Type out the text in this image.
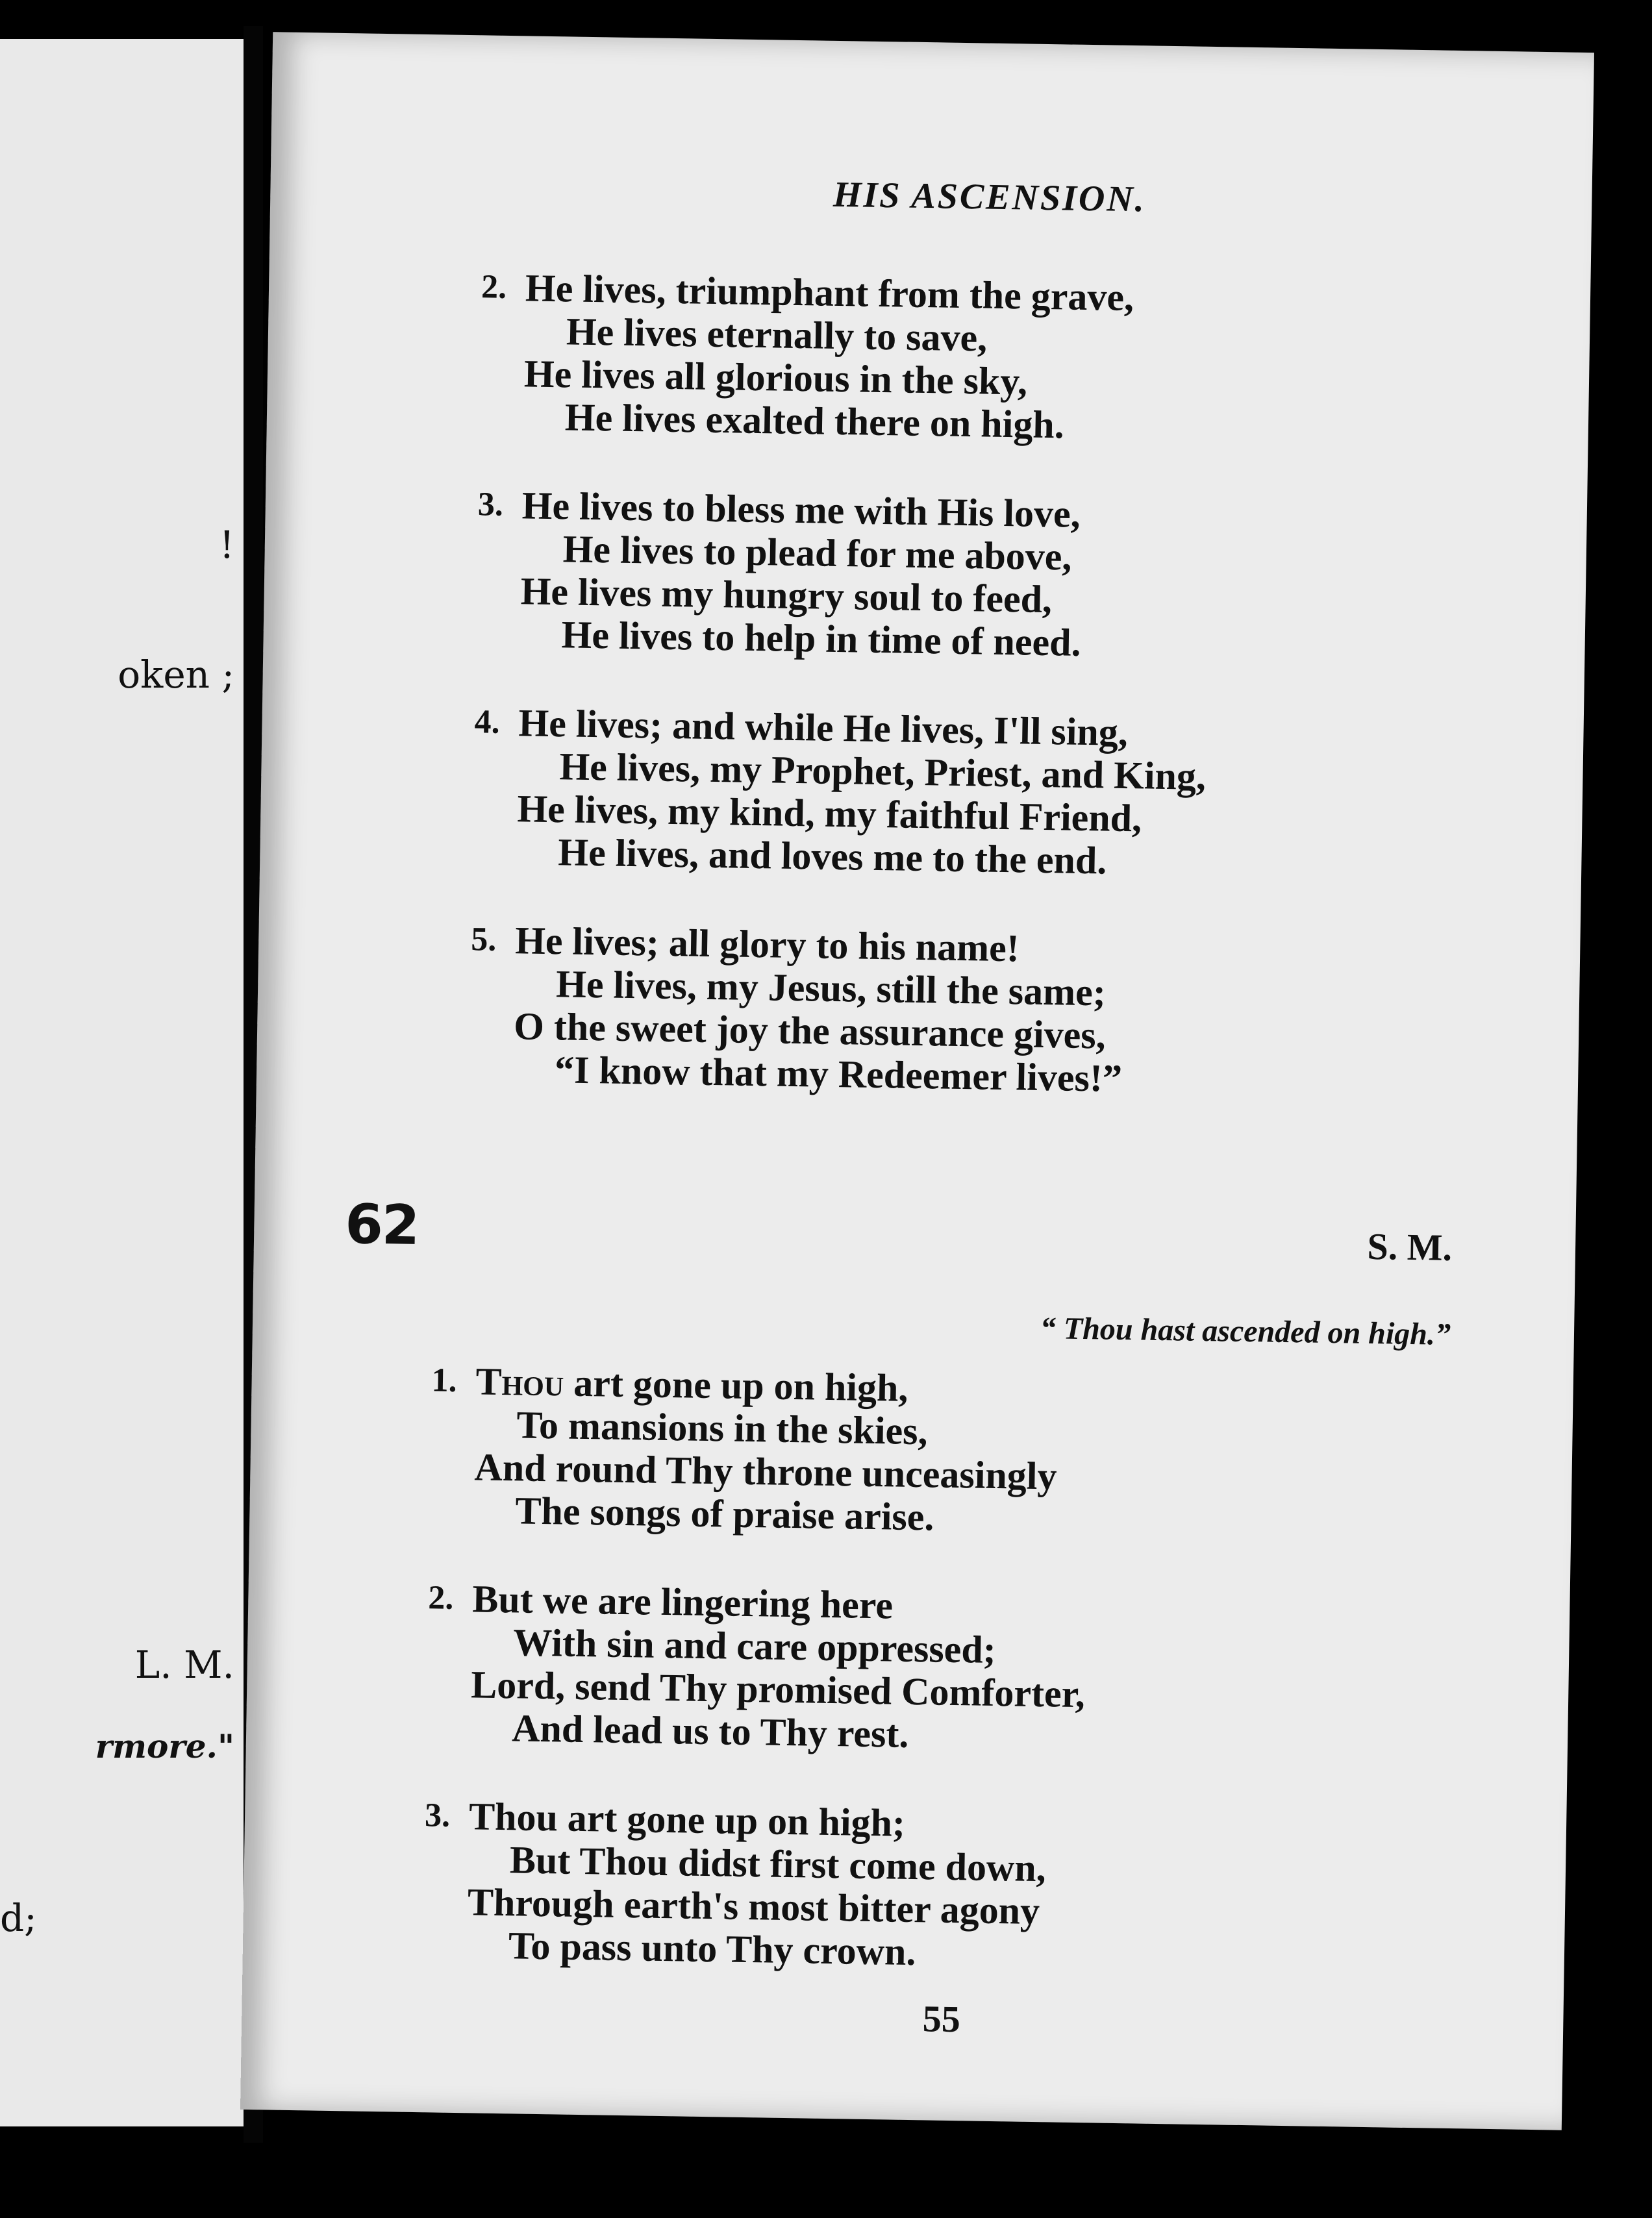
!
oken ;
L. M.
rmore."
d;
HIS ASCENSION.
2. He lives, triumphant from the grave,
He lives eternally to save,
He lives all glorious in the sky,
He lives exalted there on high.
3. He lives to bless me with His love,
He lives to plead for me above,
He lives my hungry soul to feed,
He lives to help in time of need.
4. He lives; and while He lives, I'll sing,
He lives, my Prophet, Priest, and King,
He lives, my kind, my faithful Friend,
He lives, and loves me to the end.
5. He lives; all glory to his name!
He lives, my Jesus, still the same;
O the sweet joy the assurance gives,
“I know that my Redeemer lives!”
62	S. M.
“ Thou hast ascended on high.”
1. Thou art gone up on high,
To mansions in the skies,
And round Thy throne unceasingly
The songs of praise arise.
2. But we are lingering here
With sin and care oppressed;
Lord, send Thy promised Comforter,
And lead us to Thy rest.
3. Thou art gone up on high;
But Thou didst first come down,
Through earth's most bitter agony
To pass unto Thy crown.
55
